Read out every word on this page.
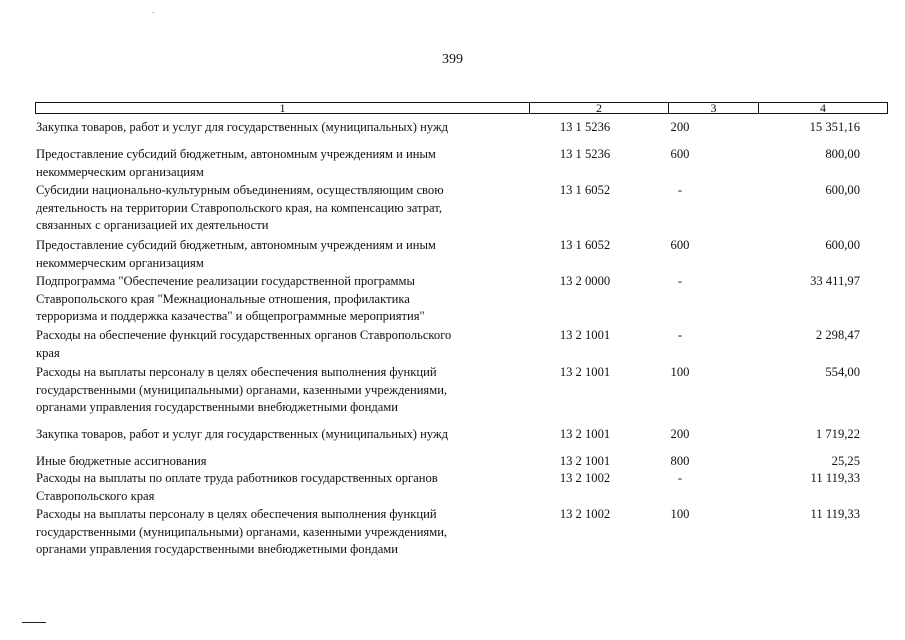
399
1	2	3	4
Закупка товаров, работ и услуг для государственных (муниципальных) нужд	13 1 5236	200	15 351,16
Предоставление субсидий бюджетным, автономным учреждениям и иным
некоммерческим организациям
13 1 5236	600	800,00
Субсидии национально-культурным объединениям, осуществляющим свою
деятельность на территории Ставропольского края, на компенсацию затрат,
связанных с организацией их деятельности
13 1 6052	-	600,00
Предоставление субсидий бюджетным, автономным учреждениям и иным
некоммерческим организациям
13 1 6052	600	600,00
Подпрограмма "Обеспечение реализации государственной программы
Ставропольского края "Межнациональные отношения, профилактика
терроризма и поддержка казачества" и общепрограммные мероприятия"
13 2 0000	-	33 411,97
Расходы на обеспечение функций государственных органов Ставропольского
края
13 2 1001	-	2 298,47
Расходы на выплаты персоналу в целях обеспечения выполнения функций
государственными (муниципальными) органами, казенными учреждениями,
органами управления государственными внебюджетными фондами
13 2 1001	100	554,00
Закупка товаров, работ и услуг для государственных (муниципальных) нужд	13 2 1001	200	1 719,22
Иные бюджетные ассигнования	13 2 1001	800	25,25
Расходы на выплаты по оплате труда работников государственных органов
Ставропольского края
13 2 1002	-	11 119,33
Расходы на выплаты персоналу в целях обеспечения выполнения функций
государственными (муниципальными) органами, казенными учреждениями,
органами управления государственными внебюджетными фондами
13 2 1002	100	11 119,33
